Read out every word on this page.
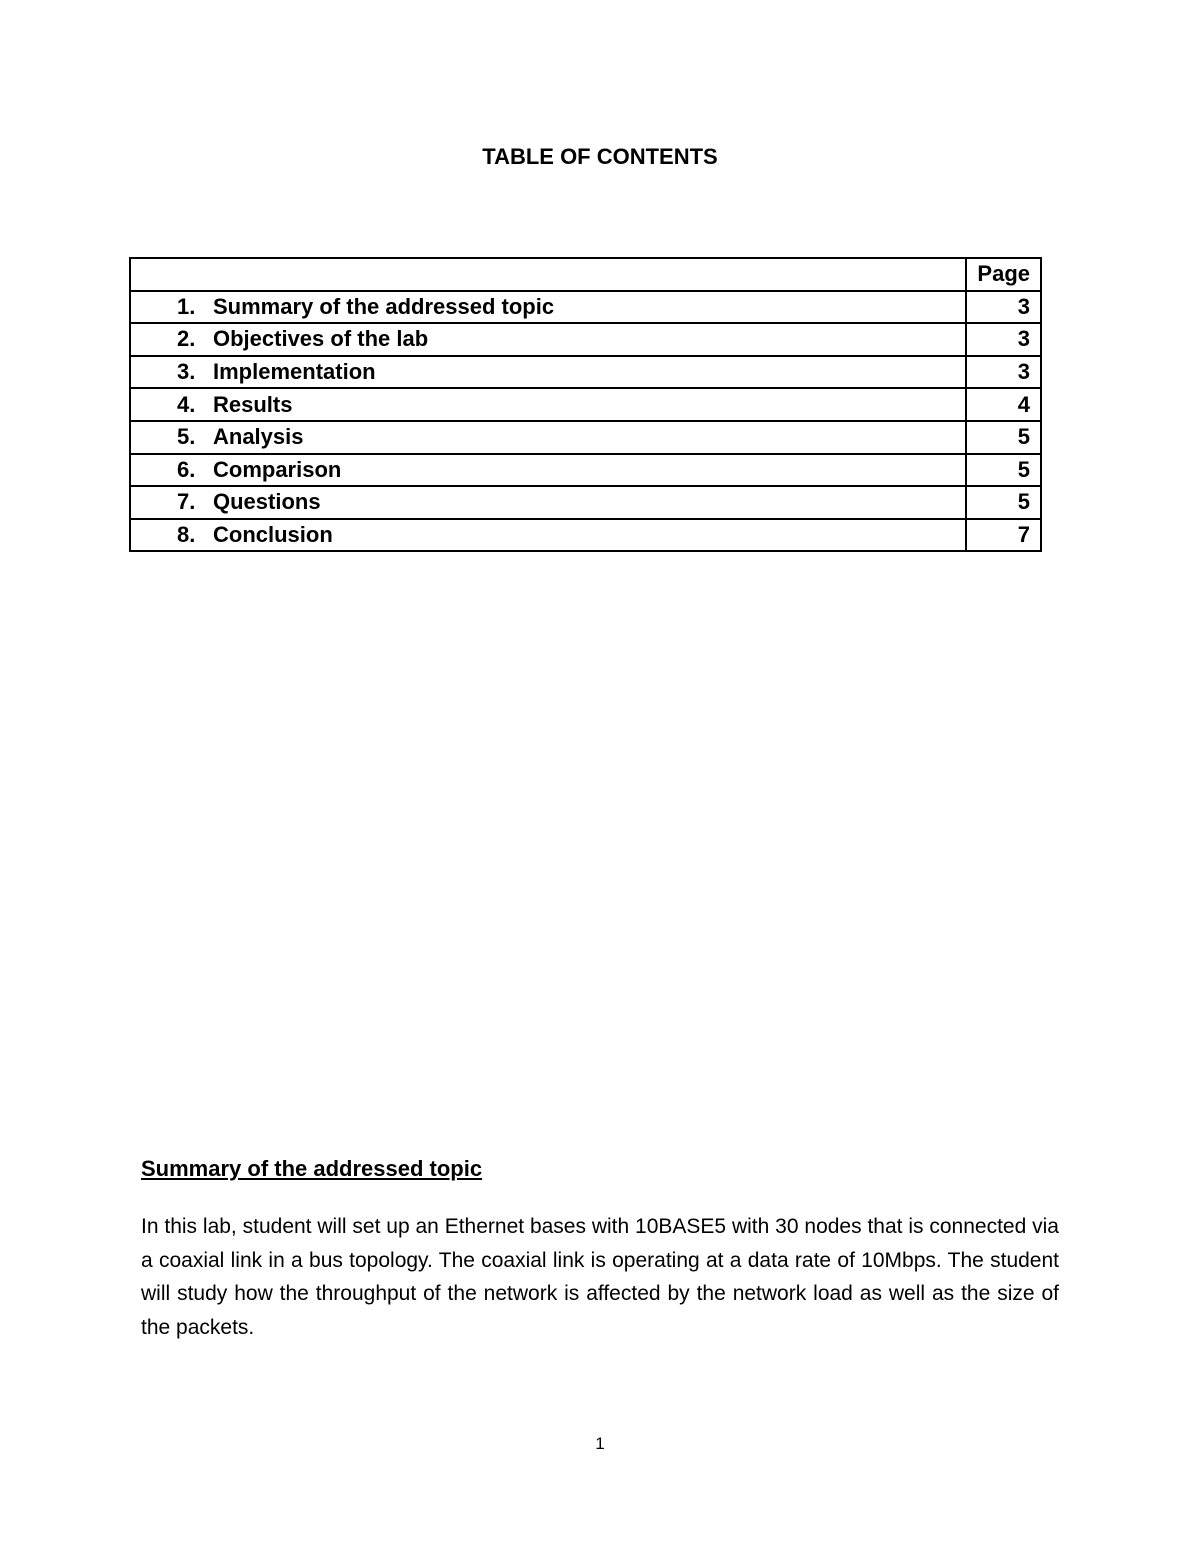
TABLE OF CONTENTS
	Page
1. Summary of the addressed topic	3
2. Objectives of the lab	3
3. Implementation	3
4. Results	4
5. Analysis	5
6. Comparison	5
7. Questions	5
8. Conclusion	7
Summary of the addressed topic
In this lab, student will set up an Ethernet bases with 10BASE5 with 30 nodes that is connected via a coaxial link in a bus topology. The coaxial link is operating at a data rate of 10Mbps. The student will study how the throughput of the network is affected by the network load as well as the size of the packets.
1
